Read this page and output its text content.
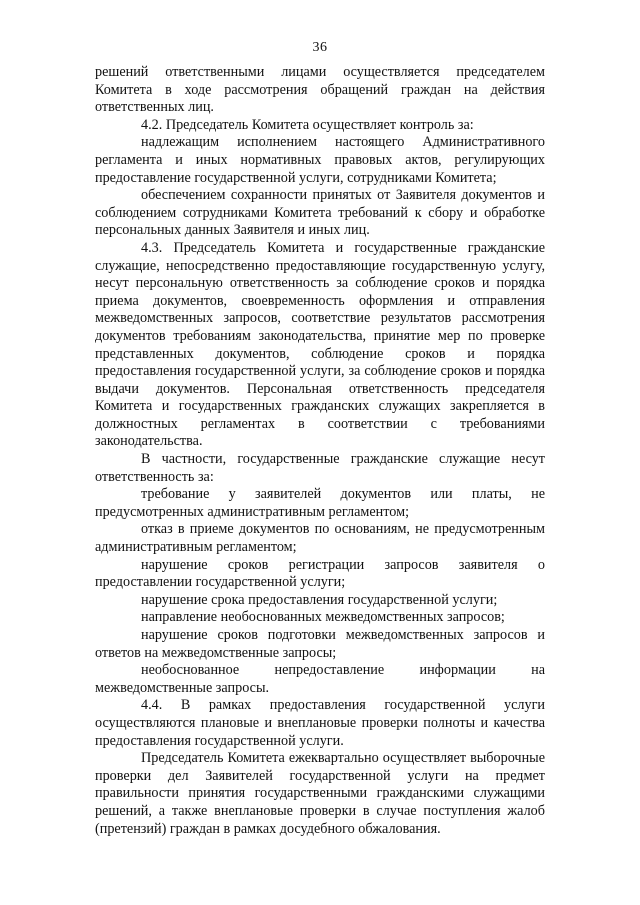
36

решений ответственными лицами осуществляется председателем Комитета в ходе рассмотрения обращений граждан на действия ответственных лиц.

4.2. Председатель Комитета осуществляет контроль за:

надлежащим исполнением настоящего Административного регламента и иных нормативных правовых актов, регулирующих предоставление государственной услуги, сотрудниками Комитета;

обеспечением сохранности принятых от Заявителя документов и соблюдением сотрудниками Комитета требований к сбору и обработке персональных данных Заявителя и иных лиц.

4.3. Председатель Комитета и государственные гражданские служащие, непосредственно предоставляющие государственную услугу, несут персональную ответственность за соблюдение сроков и порядка приема документов, своевременность оформления и отправления межведомственных запросов, соответствие результатов рассмотрения документов требованиям законодательства, принятие мер по проверке представленных документов, соблюдение сроков и порядка предоставления государственной услуги, за соблюдение сроков и порядка выдачи документов. Персональная ответственность председателя Комитета и государственных гражданских служащих закрепляется в должностных регламентах в соответствии с требованиями законодательства.

В частности, государственные гражданские служащие несут ответственность за:

требование у заявителей документов или платы, не предусмотренных административным регламентом;

отказ в приеме документов по основаниям, не предусмотренным административным регламентом;

нарушение сроков регистрации запросов заявителя о предоставлении государственной услуги;

нарушение срока предоставления государственной услуги;

направление необоснованных межведомственных запросов;

нарушение сроков подготовки межведомственных запросов и ответов на межведомственные запросы;

необоснованное непредоставление информации на межведомственные запросы.

4.4. В рамках предоставления государственной услуги осуществляются плановые и внеплановые проверки полноты и качества предоставления государственной услуги.

Председатель Комитета ежеквартально осуществляет выборочные проверки дел Заявителей государственной услуги на предмет правильности принятия государственными гражданскими служащими решений, а также внеплановые проверки в случае поступления жалоб (претензий) граждан в рамках досудебного обжалования.
